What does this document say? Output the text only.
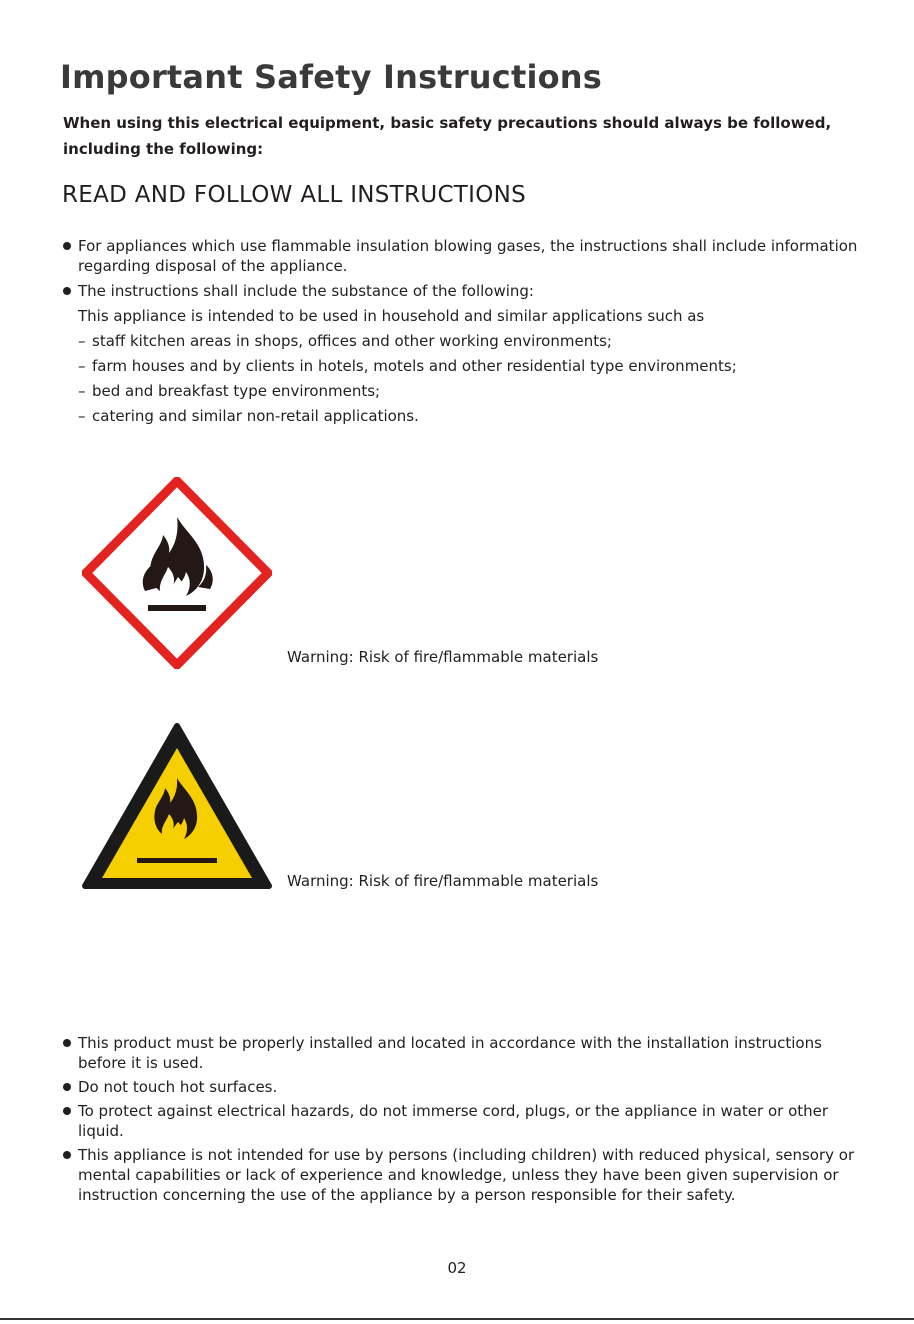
Important Safety Instructions

When using this electrical equipment, basic safety precautions should always be followed, including the following:

READ AND FOLLOW ALL INSTRUCTIONS
For appliances which use flammable insulation blowing gases, the instructions shall include information regarding disposal of the appliance.
The instructions shall include the substance of the following:
This appliance is intended to be used in household and similar applications such as
– staff kitchen areas in shops, offices and other working environments;
– farm houses and by clients in hotels, motels and other residential type environments;
– bed and breakfast type environments;
– catering and similar non-retail applications.
Warning: Risk of fire/flammable materials
Warning: Risk of fire/flammable materials
This product must be properly installed and located in accordance with the installation instructions before it is used.
Do not touch hot surfaces.
To protect against electrical hazards, do not immerse cord, plugs, or the appliance in water or other liquid.
This appliance is not intended for use by persons (including children) with reduced physical, sensory or mental capabilities or lack of experience and knowledge, unless they have been given supervision or instruction concerning the use of the appliance by a person responsible for their safety.
02
